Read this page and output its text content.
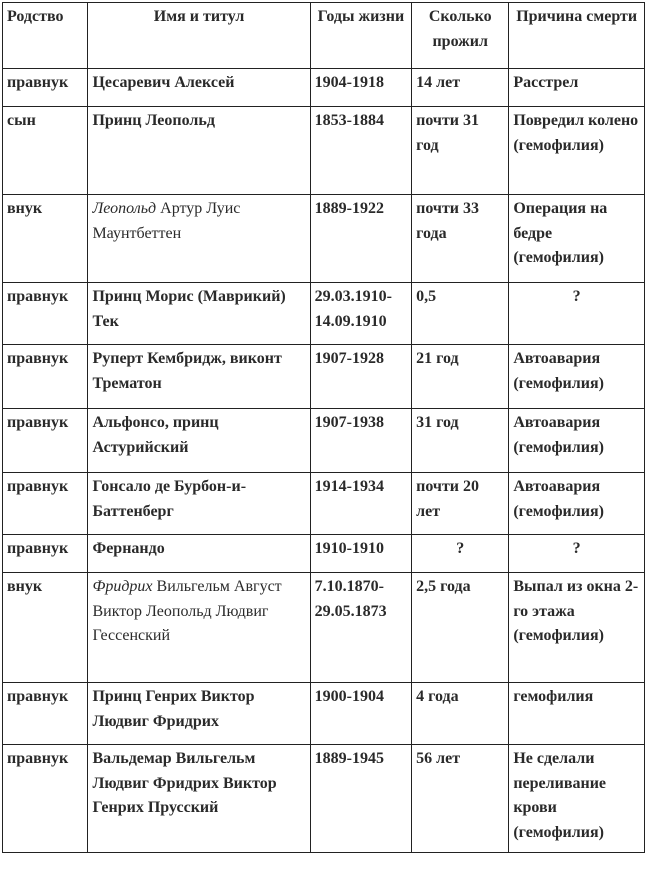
Родство	Имя и титул	Годы жизни	Сколько прожил	Причина смерти
правнук	Цесаревич Алексей	1904-1918	14 лет	Расстрел
сын	Принц Леопольд	1853-1884	почти 31 год	Повредил колено (гемофилия)
внук	Леопольд Артур Луис Маунтбеттен	1889-1922	почти 33 года	Операция на бедре (гемофилия)
правнук	Принц Морис (Маврикий) Тек	29.03.1910-14.09.1910	0,5	?
правнук	Руперт Кембридж, виконт Трематон	1907-1928	21 год	Автоавария (гемофилия)
правнук	Альфонсо, принц Астурийский	1907-1938	31 год	Автоавария (гемофилия)
правнук	Гонсало де Бурбон-и-Баттенберг	1914-1934	почти 20 лет	Автоавария (гемофилия)
правнук	Фернандо	1910-1910	?	?
внук	Фридрих Вильгельм Август Виктор Леопольд Людвиг Гессенский	7.10.1870-29.05.1873	2,5 года	Выпал из окна 2-го этажа (гемофилия)
правнук	Принц Генрих Виктор Людвиг Фридрих	1900-1904	4 года	гемофилия
правнук	Вальдемар Вильгельм Людвиг Фридрих Виктор Генрих Прусский	1889-1945	56 лет	Не сделали переливание крови (гемофилия)
